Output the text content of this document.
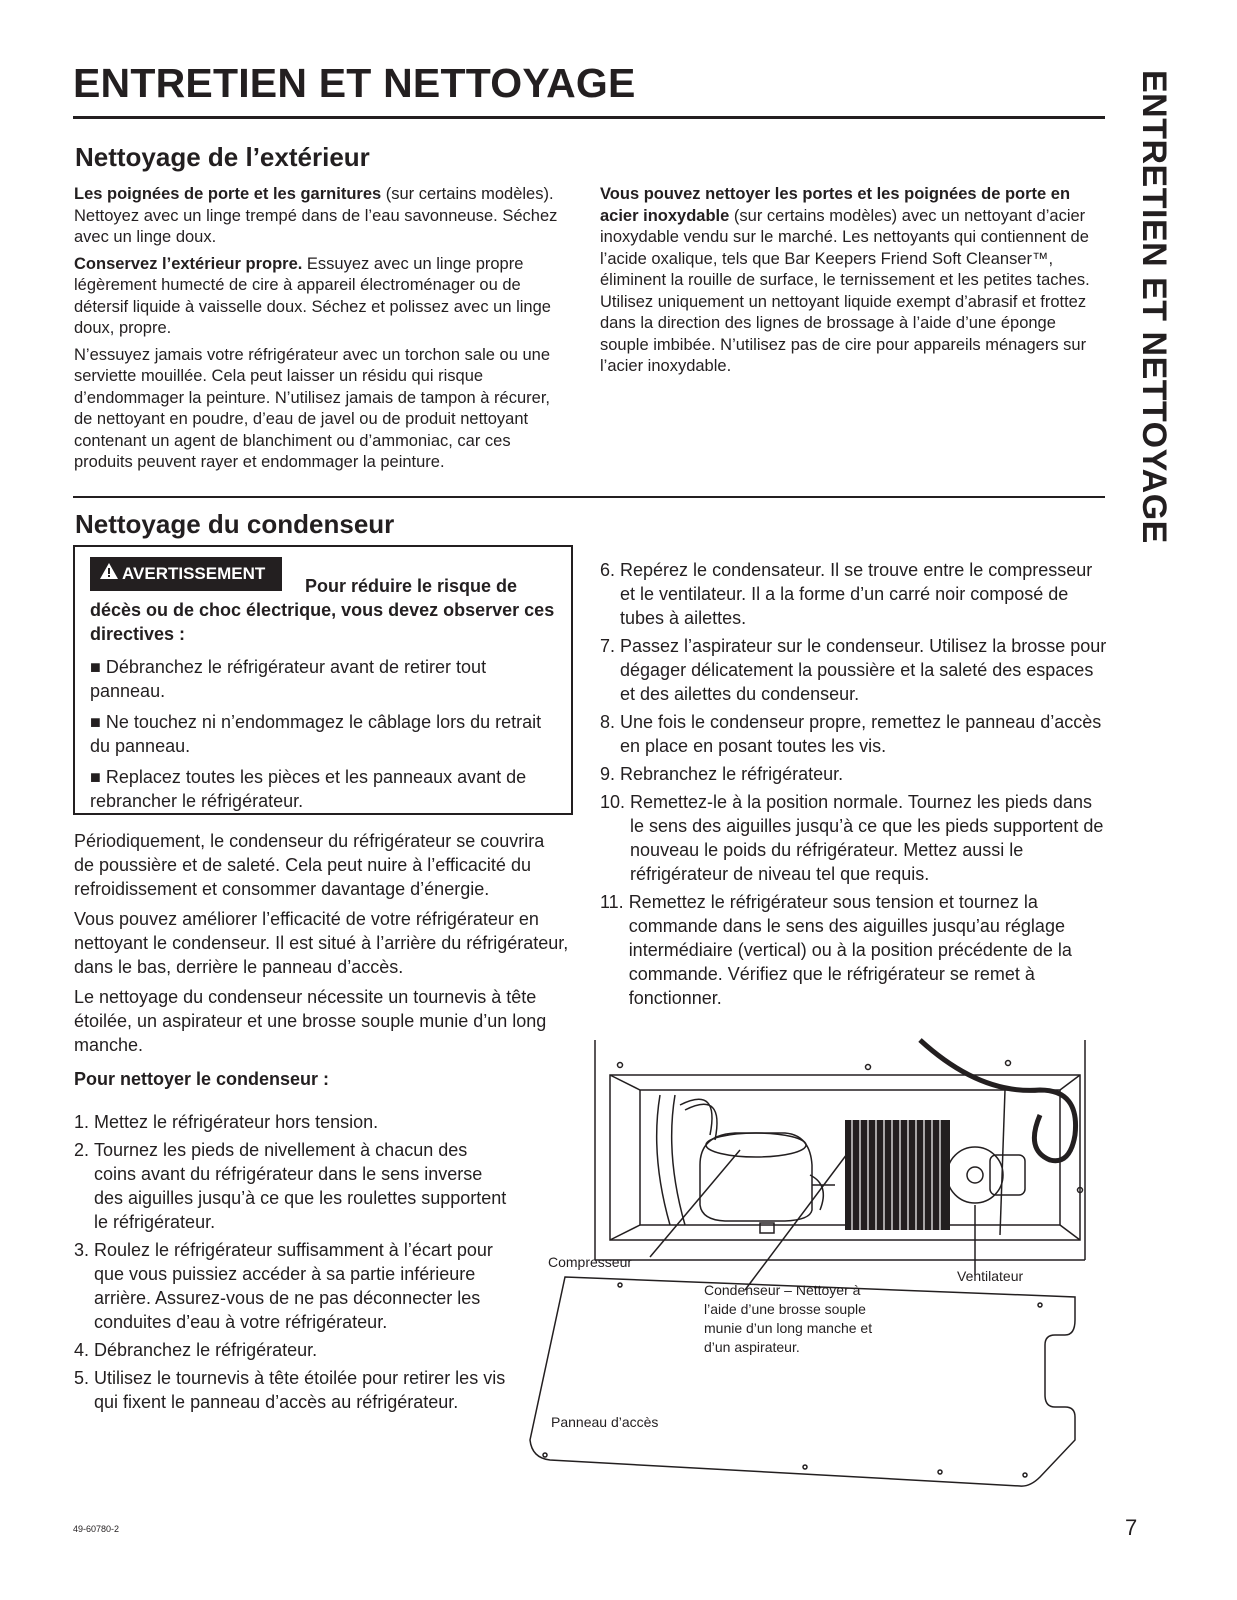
ENTRETIEN ET NETTOYAGE	ENTRETIEN ET NETTOYAGE
Nettoyage de l’extérieur

Les poignées de porte et les garnitures (sur certains modèles). Nettoyez avec un linge trempé dans de l’eau savonneuse. Séchez avec un linge doux.

Conservez l’extérieur propre. Essuyez avec un linge propre légèrement humecté de cire à appareil électroménager ou de détersif liquide à vaisselle doux. Séchez et polissez avec un linge doux, propre.

N’essuyez jamais votre réfrigérateur avec un torchon sale ou une serviette mouillée. Cela peut laisser un résidu qui risque d’endommager la peinture. N’utilisez jamais de tampon à récurer, de nettoyant en poudre, d’eau de javel ou de produit nettoyant contenant un agent de blanchiment ou d’ammoniac, car ces produits peuvent rayer et endommager la peinture.

Vous pouvez nettoyer les portes et les poignées de porte en acier inoxydable (sur certains modèles) avec un nettoyant d’acier inoxydable vendu sur le marché. Les nettoyants qui contiennent de l’acide oxalique, tels que Bar Keepers Friend Soft Cleanser™, éliminent la rouille de surface, le ternissement et les petites taches. Utilisez uniquement un nettoyant liquide exempt d’abrasif et frottez dans la direction des lignes de brossage à l’aide d’une éponge souple imbibée. N’utilisez pas de cire pour appareils ménagers sur l’acier inoxydable.

Nettoyage du condenseur
AVERTISSEMENT
Pour réduire le risque de décès ou de choc électrique, vous devez observer ces directives :
■ Débranchez le réfrigérateur avant de retirer tout panneau.
■ Ne touchez ni n’endommagez le câblage lors du retrait du panneau.
■ Replacez toutes les pièces et les panneaux avant de rebrancher le réfrigérateur.

Périodiquement, le condenseur du réfrigérateur se couvrira de poussière et de saleté. Cela peut nuire à l’efficacité du refroidissement et consommer davantage d’énergie.

Vous pouvez améliorer l’efficacité de votre réfrigérateur en nettoyant le condenseur. Il est situé à l’arrière du réfrigérateur, dans le bas, derrière le panneau d’accès.

Le nettoyage du condenseur nécessite un tournevis à tête étoilée, un aspirateur et une brosse souple munie d’un long manche.

Pour nettoyer le condenseur :

1. Mettez le réfrigérateur hors tension.
2. Tournez les pieds de nivellement à chacun des coins avant du réfrigérateur dans le sens inverse des aiguilles jusqu’à ce que les roulettes supportent le réfrigérateur.
3. Roulez le réfrigérateur suffisamment à l’écart pour que vous puissiez accéder à sa partie inférieure arrière. Assurez-vous de ne pas déconnecter les conduites d’eau à votre réfrigérateur.
4. Débranchez le réfrigérateur.
5. Utilisez le tournevis à tête étoilée pour retirer les vis qui fixent le panneau d’accès au réfrigérateur.
6. Repérez le condensateur. Il se trouve entre le compresseur et le ventilateur. Il a la forme d’un carré noir composé de tubes à ailettes.
7. Passez l’aspirateur sur le condenseur. Utilisez la brosse pour dégager délicatement la poussière et la saleté des espaces et des ailettes du condenseur.
8. Une fois le condenseur propre, remettez le panneau d’accès en place en posant toutes les vis.
9. Rebranchez le réfrigérateur.
10. Remettez-le à la position normale. Tournez les pieds dans le sens des aiguilles jusqu’à ce que les pieds supportent de nouveau le poids du réfrigérateur. Mettez aussi le réfrigérateur de niveau tel que requis.
11. Remettez le réfrigérateur sous tension et tournez la commande dans le sens des aiguilles jusqu’au réglage intermédiaire (vertical) ou à la position précédente de la commande. Vérifiez que le réfrigérateur se remet à fonctionner.
Compresseur
Ventilateur
Condenseur – Nettoyer à
l’aide d’une brosse souple
munie d’un long manche et
d’un aspirateur.
Panneau d’accès
49-60780-2	7
